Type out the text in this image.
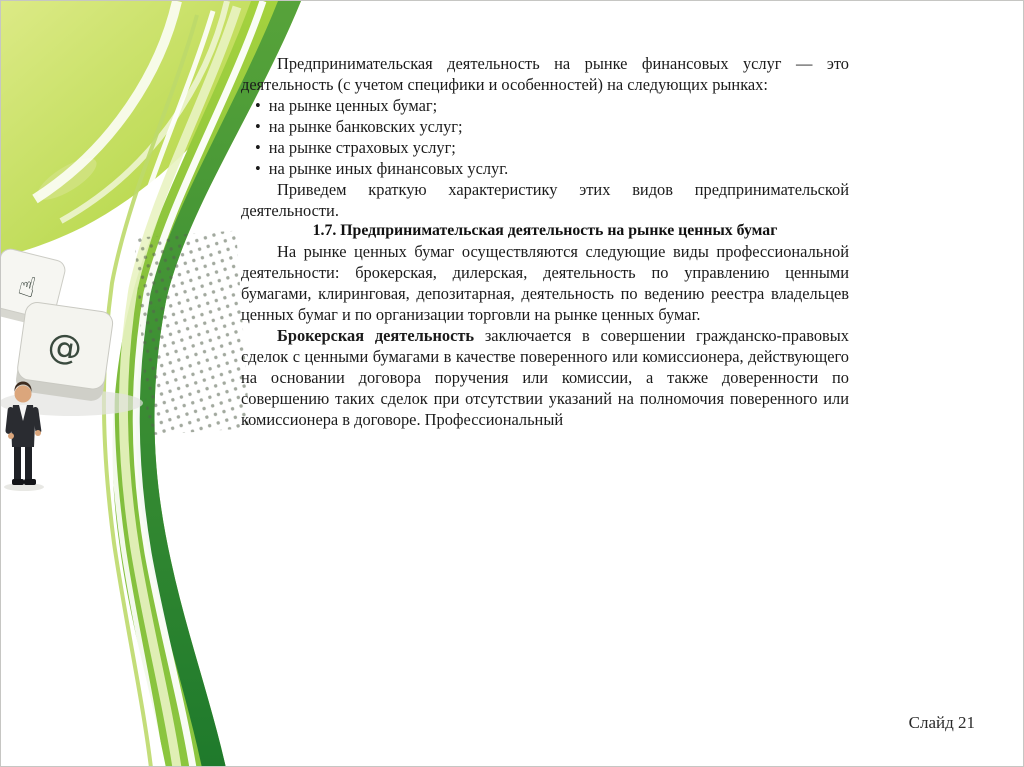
☝
@

Предпринимательская деятельность на рынке финансовых услуг — это деятельность (с учетом специфики и особенностей) на следующих рынках:

• на рынке ценных бумаг;
• на рынке банковских услуг;
• на рынке страховых услуг;
• на рынке иных финансовых услуг.

Приведем краткую характеристику этих видов предпринимательской деятельности.

1.7. Предпринимательская деятельность на рынке ценных бумаг

На рынке ценных бумаг осуществляются следующие виды профессиональной деятельности: брокерская, дилерская, деятельность по управлению ценными бумагами, клиринговая, депозитарная, деятельность по ведению реестра владельцев ценных бумаг и по организации торговли на рынке ценных бумаг.

Брокерская деятельность заключается в совершении гражданско-правовых сделок с ценными бумагами в качестве поверенного или комиссионера, действующего на основании договора поручения или комиссии, а также доверенности по совершению таких сделок при отсутствии указаний на полномочия поверенного или комиссионера в договоре. Профессиональный

Слайд 21
